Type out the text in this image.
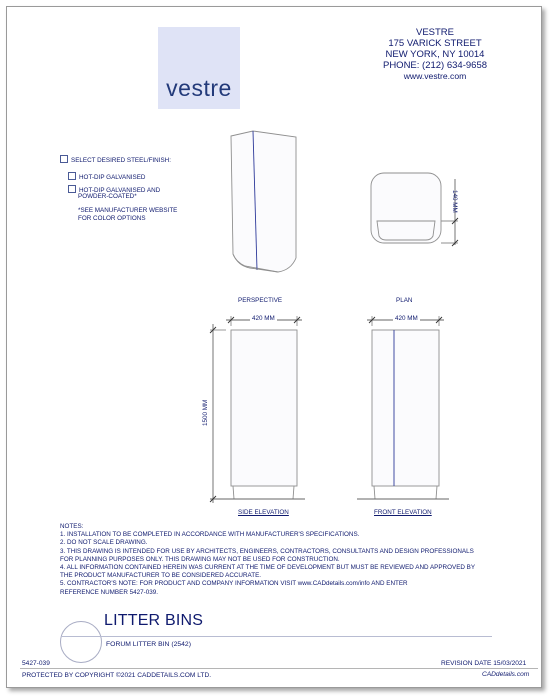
vestre
VESTRE
175 VARICK STREET
NEW YORK, NY 10014
PHONE: (212) 634-9658
www.vestre.com
SELECT DESIRED STEEL/FINISH:
HOT-DIP GALVANISED
HOT-DIP GALVANISED AND
POWDER-COATED*
*SEE MANUFACTURER WEBSITE
FOR COLOR OPTIONS
140 MM
PERSPECTIVE	PLAN
420 MM	420 MM
1500 MM
SIDE ELEVATION	FRONT ELEVATION
NOTES:
1. INSTALLATION TO BE COMPLETED IN ACCORDANCE WITH MANUFACTURER'S SPECIFICATIONS.
2. DO NOT SCALE DRAWING.
3. THIS DRAWING IS INTENDED FOR USE BY ARCHITECTS, ENGINEERS, CONTRACTORS, CONSULTANTS AND DESIGN PROFESSIONALS
FOR PLANNING PURPOSES ONLY. THIS DRAWING MAY NOT BE USED FOR CONSTRUCTION.
4. ALL INFORMATION CONTAINED HEREIN WAS CURRENT AT THE TIME OF DEVELOPMENT BUT MUST BE REVIEWED AND APPROVED BY
THE PRODUCT MANUFACTURER TO BE CONSIDERED ACCURATE.
5. CONTRACTOR'S NOTE: FOR PRODUCT AND COMPANY INFORMATION VISIT www.CADdetails.com/info AND ENTER
REFERENCE NUMBER 5427-039.
LITTER BINS
FORUM LITTER BIN (2542)
5427-039	REVISION DATE 15/03/2021
PROTECTED BY COPYRIGHT ©2021 CADDETAILS.COM LTD.	CADdetails.com
